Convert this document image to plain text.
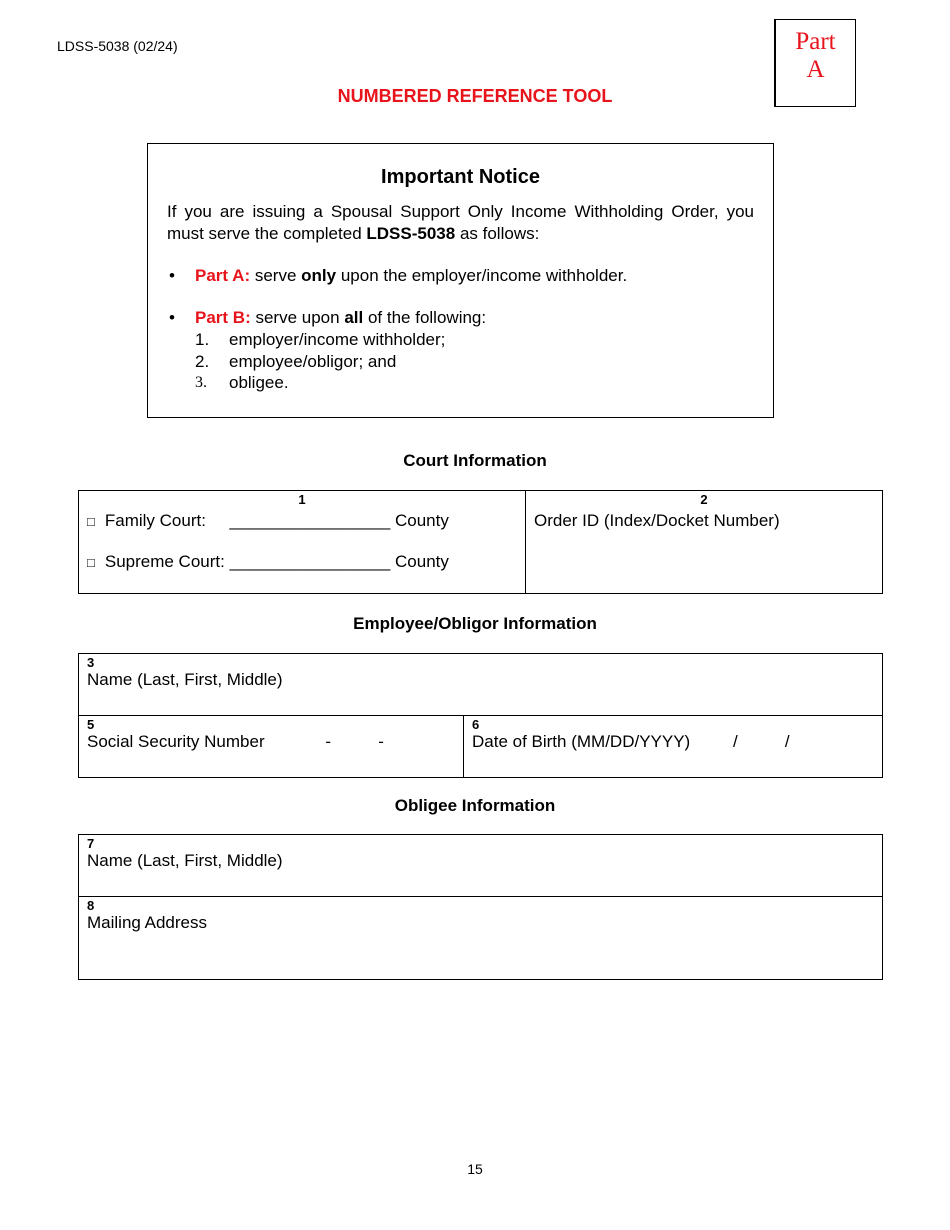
LDSS-5038 (02/24)	Part
A
NUMBERED REFERENCE TOOL
Important Notice

If you are issuing a Spousal Support Only Income Withholding Order, you must serve the completed LDSS-5038 as follows:

• Part A: serve only upon the employer/income withholder.
• Part B: serve upon all of the following:
1.	employer/income withholder;
2.	employee/obligor; and
3.	obligee.
Court Information
1
□ Family Court:     _________________ County
□ Supreme Court: _________________ County

2
Order ID (Index/Docket Number)
Employee/Obligor Information
3
Name (Last, First, Middle)

5
Social Security Number	-          -

6
Date of Birth (MM/DD/YYYY)	/          /
Obligee Information
7
Name (Last, First, Middle)

8
Mailing Address
15
